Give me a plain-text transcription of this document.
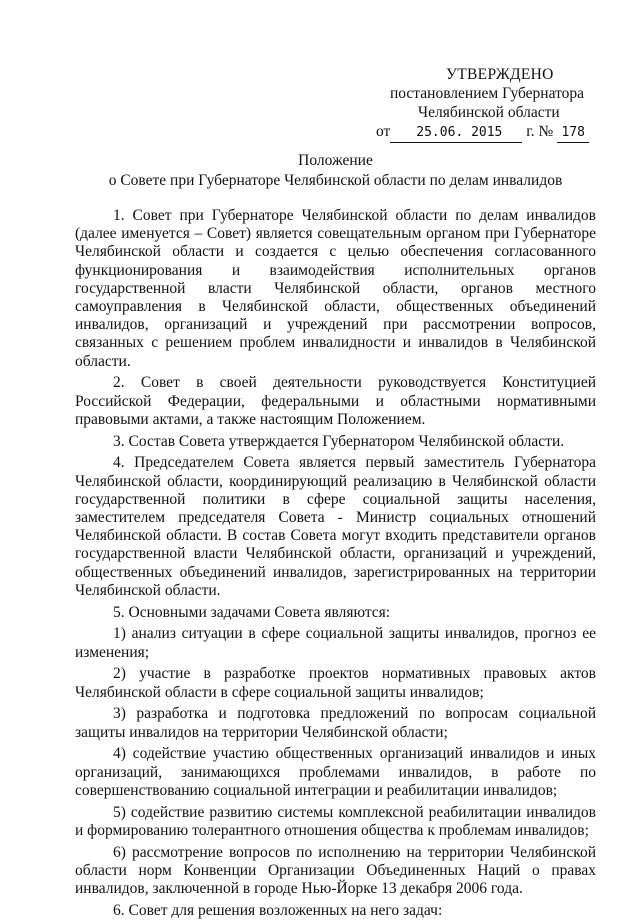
УТВЕРЖДЕНО
постановлением Губернатора
Челябинской области
от 25.06. 2015 г. № 178
Положение
о Совете при Губернаторе Челябинской области по делам инвалидов

1. Совет при Губернаторе Челябинской области по делам инвалидов (далее именуется – Совет) является совещательным органом при Губернаторе Челябинской области и создается с целью обеспечения согласованного функционирования и взаимодействия исполнительных органов государственной власти Челябинской области, органов местного самоуправления в Челябинской области, общественных объединений инвалидов, организаций и учреждений при рассмотрении вопросов, связанных с решением проблем инвалидности и инвалидов в Челябинской области.

2. Совет в своей деятельности руководствуется Конституцией Российской Федерации, федеральными и областными нормативными правовыми актами, а также настоящим Положением.

3. Состав Совета утверждается Губернатором Челябинской области.

4. Председателем Совета является первый заместитель Губернатора Челябинской области, координирующий реализацию в Челябинской области государственной политики в сфере социальной защиты населения, заместителем председателя Совета - Министр социальных отношений Челябинской области. В состав Совета могут входить представители органов государственной власти Челябинской области, организаций и учреждений, общественных объединений инвалидов, зарегистрированных на территории Челябинской области.

5. Основными задачами Совета являются:

1) анализ ситуации в сфере социальной защиты инвалидов, прогноз ее изменения;

2) участие в разработке проектов нормативных правовых актов Челябинской области в сфере социальной защиты инвалидов;

3) разработка и подготовка предложений по вопросам социальной защиты инвалидов на территории Челябинской области;

4) содействие участию общественных организаций инвалидов и иных организаций, занимающихся проблемами инвалидов, в работе по совершенствованию социальной интеграции и реабилитации инвалидов;

5) содействие развитию системы комплексной реабилитации инвалидов и формированию толерантного отношения общества к проблемам инвалидов;

6) рассмотрение вопросов по исполнению на территории Челябинской области норм Конвенции Организации Объединенных Наций о правах инвалидов, заключенной в городе Нью-Йорке 13 декабря 2006 года.

6. Совет для решения возложенных на него задач:
